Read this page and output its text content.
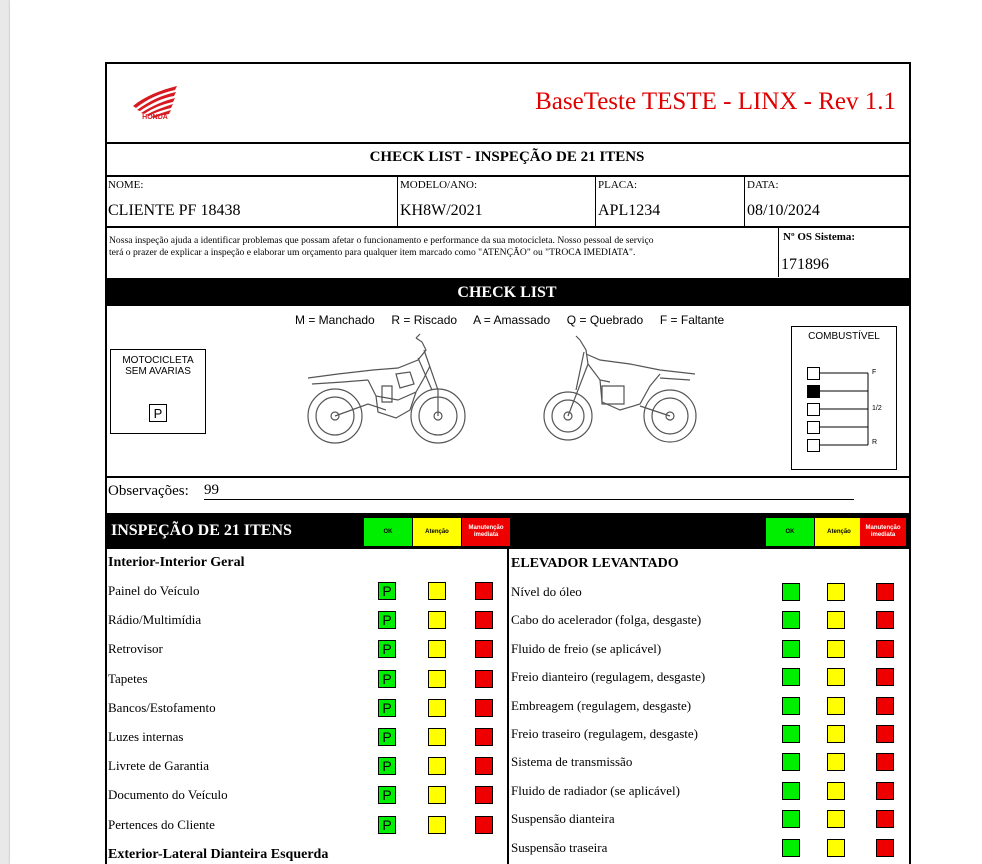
HONDA
BaseTeste TESTE - LINX - Rev 1.1
CHECK LIST - INSPEÇÃO DE 21 ITENS
NOME:
CLIENTE PF 18438
MODELO/ANO:
KH8W/2021
PLACA:
APL1234
DATA:
08/10/2024
Nossa inspeção ajuda a identificar problemas que possam afetar o funcionamento e performance da sua motocicleta. Nosso pessoal de serviço
terá o prazer de explicar a inspeção e elaborar um orçamento para qualquer item marcado como "ATENÇÃO" ou "TROCA IMEDIATA".
Nº OS Sistema:
171896
CHECK LIST
M = Manchado     R = Riscado     A = Amassado     Q = Quebrado     F = Faltante
MOTOCICLETA
SEM AVARIAS
P
COMBUSTÍVEL
F
1/2
R
Observações: 99
INSPEÇÃO DE 21 ITENS	OK	Atenção
Manutenção
imediata
OK	Atenção
Manutenção
imediata
Interior-Interior Geral
Painel do Veículo	P
Rádio/Multimídia	P
Retrovisor	P
Tapetes	P
Bancos/Estofamento	P
Luzes internas	P
Livrete de Garantia	P
Documento do Veículo	P
Pertences do Cliente	P
Exterior-Lateral Dianteira Esquerda
ELEVADOR LEVANTADO
Nível do óleo
Cabo do acelerador (folga, desgaste)
Fluido de freio (se aplicável)
Freio dianteiro (regulagem, desgaste)
Embreagem (regulagem, desgaste)
Freio traseiro (regulagem, desgaste)
Sistema de transmissão
Fluido de radiador (se aplicável)
Suspensão dianteira
Suspensão traseira
